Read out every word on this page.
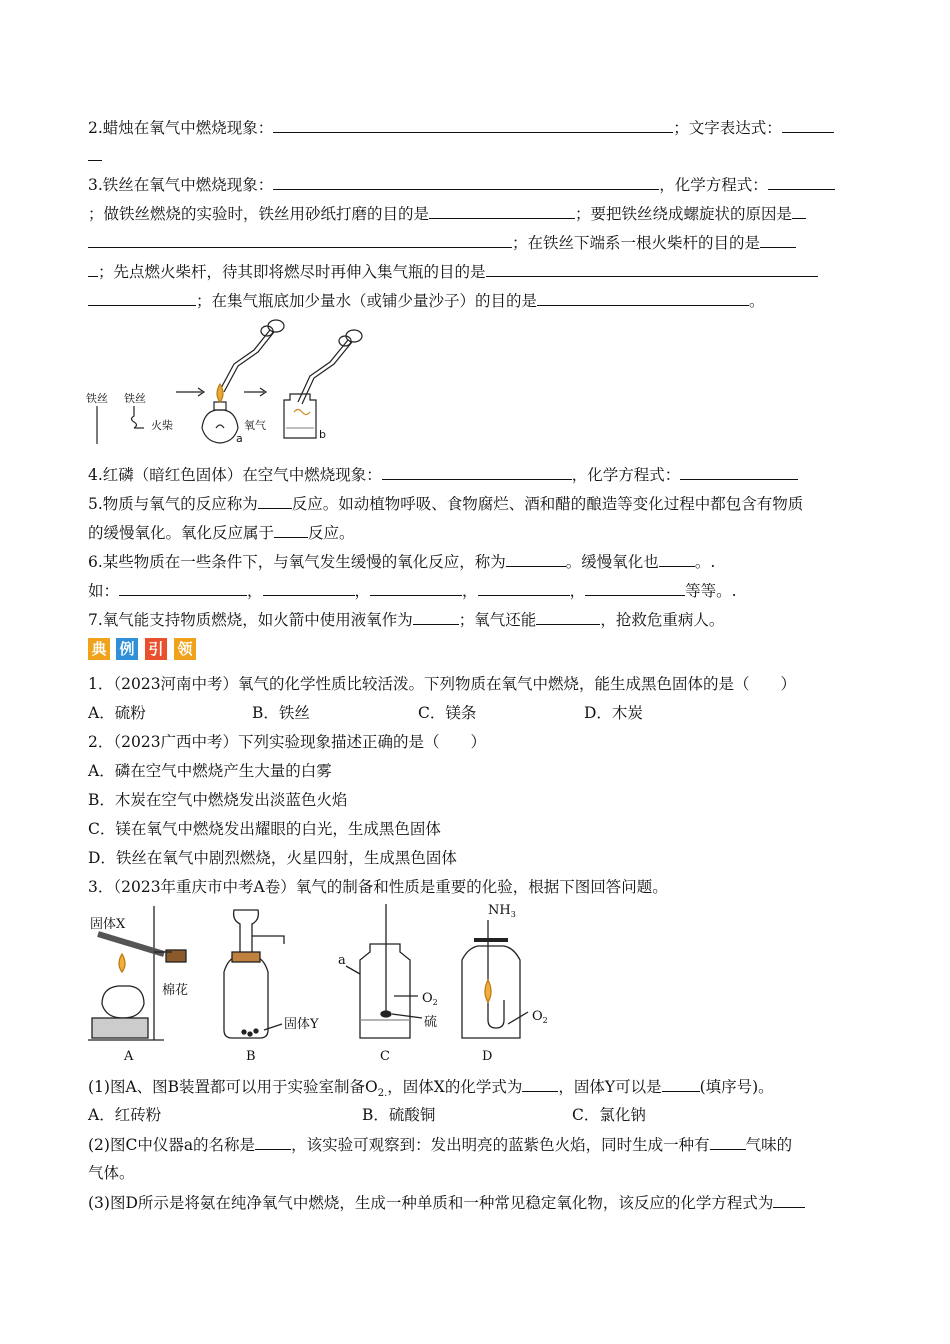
2.蜡烛在氧气中燃烧现象：	；文字表达式：
3.铁丝在氧气中燃烧现象：	，化学方程式：
；做铁丝燃烧的实验时，铁丝用砂纸打磨的目的是	；要把铁丝绕成螺旋状的原因是
；在铁丝下端系一根火柴杆的目的是
；先点燃火柴杆，待其即将燃尽时再伸入集气瓶的目的是
；在集气瓶底加少量水（或铺少量沙子）的目的是	。
铁丝 铁丝
火柴	氧气
a	b
4.红磷（暗红色固体）在空气中燃烧现象：	，化学方程式：
5.物质与氧气的反应称为 反应。如动植物呼吸、食物腐烂、酒和醋的酿造等变化过程中都包含有物质
的缓慢氧化。氧化反应属于 反应。
6.某些物质在一些条件下，与氧气发生缓慢的氧化反应，称为	。缓慢氧化也 。.
如：	，	，	，	，	等等。.
7.氧气能支持物质燃烧，如火箭中使用液氧作为	；氧气还能	，抢救危重病人。
典 例 引 领
1．（2023河南中考）氧气的化学性质比较活泼。下列物质在氧气中燃烧，能生成黑色固体的是（　　）
A．硫粉	B．铁丝	C．镁条	D．木炭
2．（2023广西中考）下列实验现象描述正确的是（　　）
A．磷在空气中燃烧产生大量的白雾
B．木炭在空气中燃烧发出淡蓝色火焰
C．镁在氧气中燃烧发出耀眼的白光，生成黑色固体
D．铁丝在氧气中剧烈燃烧，火星四射，生成黑色固体
3．（2023年重庆市中考A卷）氧气的制备和性质是重要的化验，根据下图回答问题。
固体X
棉花
固体Y
a
$O_2$
硫
$NH_3$
$O_2$
A	B	C	D
(1)图A、图B装置都可以用于实验室制备$O_{2.}$，固体X的化学式为 ，固体Y可以是 (填序号)。
A．红砖粉	B．硫酸铜	C．氯化钠
(2)图C中仪器a的名称是 ，该实验可观察到：发出明亮的蓝紫色火焰，同时生成一种有 气味的
气体。
(3)图D所示是将氨在纯净氧气中燃烧，生成一种单质和一种常见稳定氧化物，该反应的化学方程式为
